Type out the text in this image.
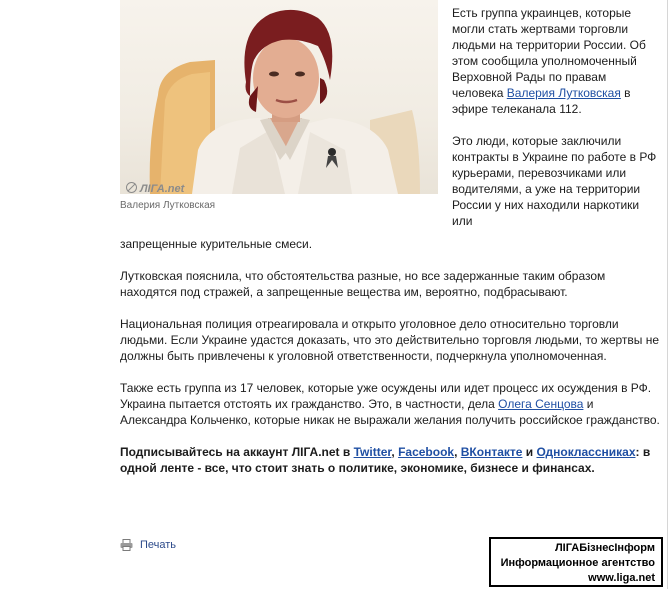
ЛІГА.net
Валерия Лутковская

Есть группа украинцев, которые могли стать жертвами торговли людьми на территории России. Об этом сообщила уполномоченный Верховной Рады по правам человека Валерия Лутковская в эфире телеканала 112.

Это люди, которые заключили контракты в Украине по работе в РФ курьерами, перевозчиками или водителями, а уже на территории России у них находили наркотики или

запрещенные курительные смеси.

Лутковская пояснила, что обстоятельства разные, но все задержанные таким образом находятся под стражей, а запрещенные вещества им, вероятно, подбрасывают.

Национальная полиция отреагировала и открыто уголовное дело относительно торговли людьми. Если Украине удастся доказать, что это действительно торговля людьми, то жертвы не должны быть привлечены к уголовной ответственности, подчеркнула уполномоченная.

Также есть группа из 17 человек, которые уже осуждены или идет процесс их осуждения в РФ. Украина пытается отстоять их гражданство. Это, в частности, дела Олега Сенцова и Александра Кольченко, которые никак не выражали желания получить российское гражданство.

Подписывайтесь на аккаунт ЛІГА.net в Twitter, Facebook, ВКонтакте и Одноклассниках: в одной ленте - все, что стоит знать о политике, экономике, бизнесе и финансах.

Печать	ЛІГАБізнесІнформ
Информационное агентство
www.liga.net
